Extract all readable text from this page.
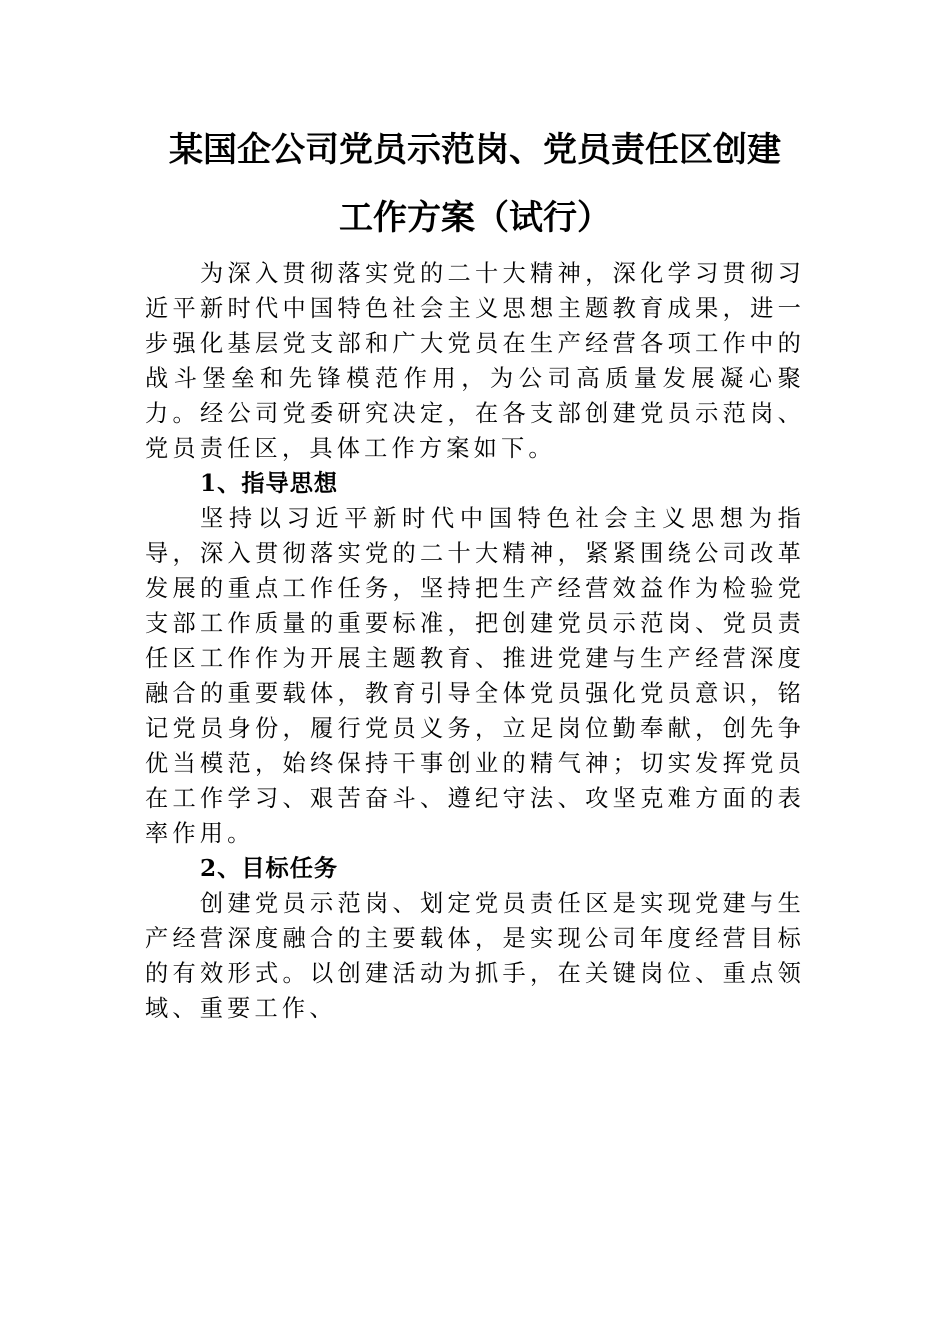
某国企公司党员示范岗、党员责任区创建
工作方案（试行）

为深入贯彻落实党的二十大精神，深化学习贯彻习近平新时代中国特色社会主义思想主题教育成果，进一步强化基层党支部和广大党员在生产经营各项工作中的战斗堡垒和先锋模范作用，为公司高质量发展凝心聚力。经公司党委研究决定，在各支部创建党员示范岗、党员责任区，具体工作方案如下。

1、指导思想

坚持以习近平新时代中国特色社会主义思想为指导，深入贯彻落实党的二十大精神，紧紧围绕公司改革发展的重点工作任务，坚持把生产经营效益作为检验党支部工作质量的重要标准，把创建党员示范岗、党员责任区工作作为开展主题教育、推进党建与生产经营深度融合的重要载体，教育引导全体党员强化党员意识，铭记党员身份，履行党员义务，立足岗位勤奉献，创先争优当模范，始终保持干事创业的精气神；切实发挥党员在工作学习、艰苦奋斗、遵纪守法、攻坚克难方面的表率作用。

2、目标任务

创建党员示范岗、划定党员责任区是实现党建与生产经营深度融合的主要载体，是实现公司年度经营目标的有效形式。以创建活动为抓手，在关键岗位、重点领域、重要工作、
